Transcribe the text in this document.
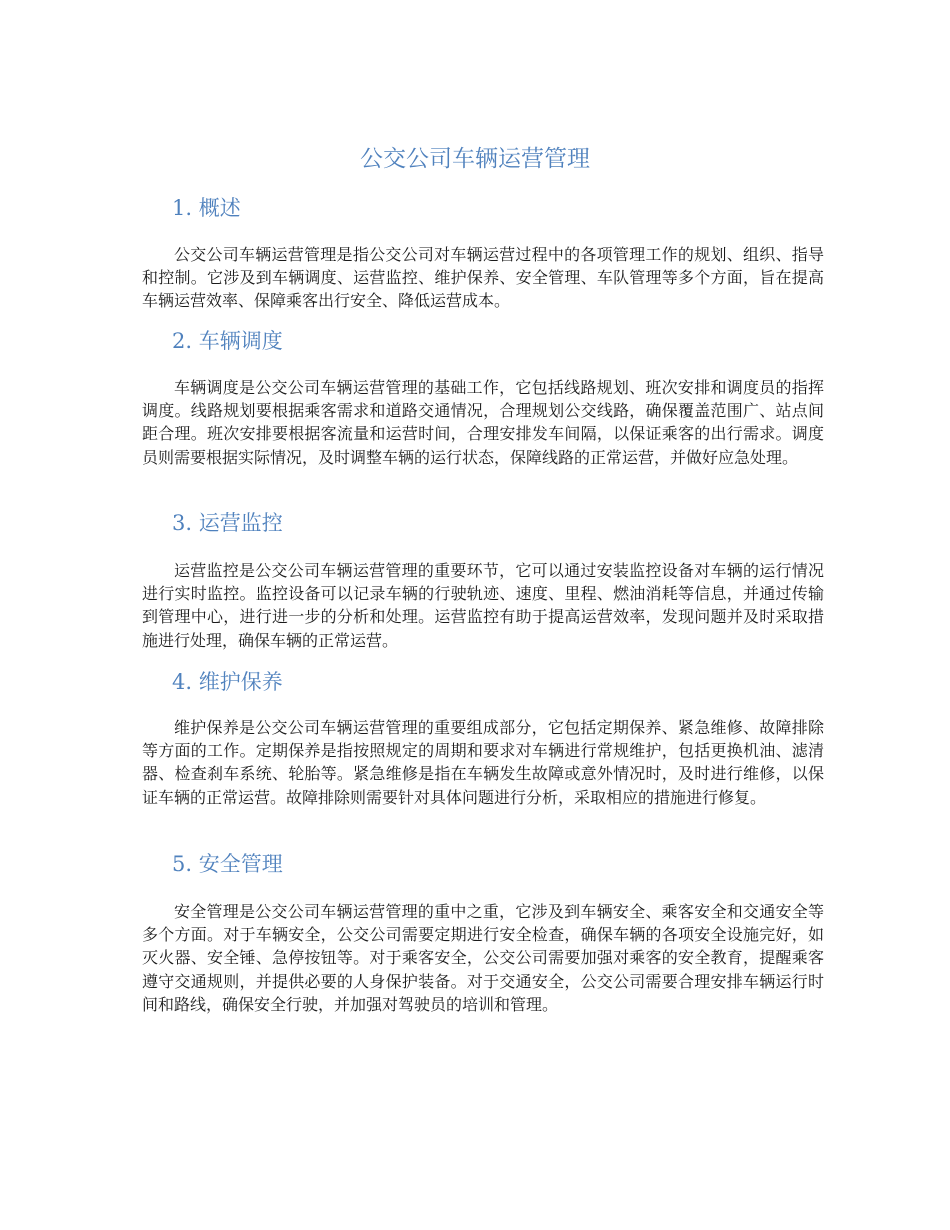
公交公司车辆运营管理
1. 概述

公交公司车辆运营管理是指公交公司对车辆运营过程中的各项管理工作的规划、组织、指导和控制。它涉及到车辆调度、运营监控、维护保养、安全管理、车队管理等多个方面，旨在提高车辆运营效率、保障乘客出行安全、降低运营成本。

2. 车辆调度

车辆调度是公交公司车辆运营管理的基础工作，它包括线路规划、班次安排和调度员的指挥调度。线路规划要根据乘客需求和道路交通情况，合理规划公交线路，确保覆盖范围广、站点间距合理。班次安排要根据客流量和运营时间，合理安排发车间隔，以保证乘客的出行需求。调度员则需要根据实际情况，及时调整车辆的运行状态，保障线路的正常运营，并做好应急处理。

3. 运营监控

运营监控是公交公司车辆运营管理的重要环节，它可以通过安装监控设备对车辆的运行情况进行实时监控。监控设备可以记录车辆的行驶轨迹、速度、里程、燃油消耗等信息，并通过传输到管理中心，进行进一步的分析和处理。运营监控有助于提高运营效率，发现问题并及时采取措施进行处理，确保车辆的正常运营。

4. 维护保养

维护保养是公交公司车辆运营管理的重要组成部分，它包括定期保养、紧急维修、故障排除等方面的工作。定期保养是指按照规定的周期和要求对车辆进行常规维护，包括更换机油、滤清器、检查刹车系统、轮胎等。紧急维修是指在车辆发生故障或意外情况时，及时进行维修，以保证车辆的正常运营。故障排除则需要针对具体问题进行分析，采取相应的措施进行修复。

5. 安全管理

安全管理是公交公司车辆运营管理的重中之重，它涉及到车辆安全、乘客安全和交通安全等多个方面。对于车辆安全，公交公司需要定期进行安全检查，确保车辆的各项安全设施完好，如灭火器、安全锤、急停按钮等。对于乘客安全，公交公司需要加强对乘客的安全教育，提醒乘客遵守交通规则，并提供必要的人身保护装备。对于交通安全，公交公司需要合理安排车辆运行时间和路线，确保安全行驶，并加强对驾驶员的培训和管理。
